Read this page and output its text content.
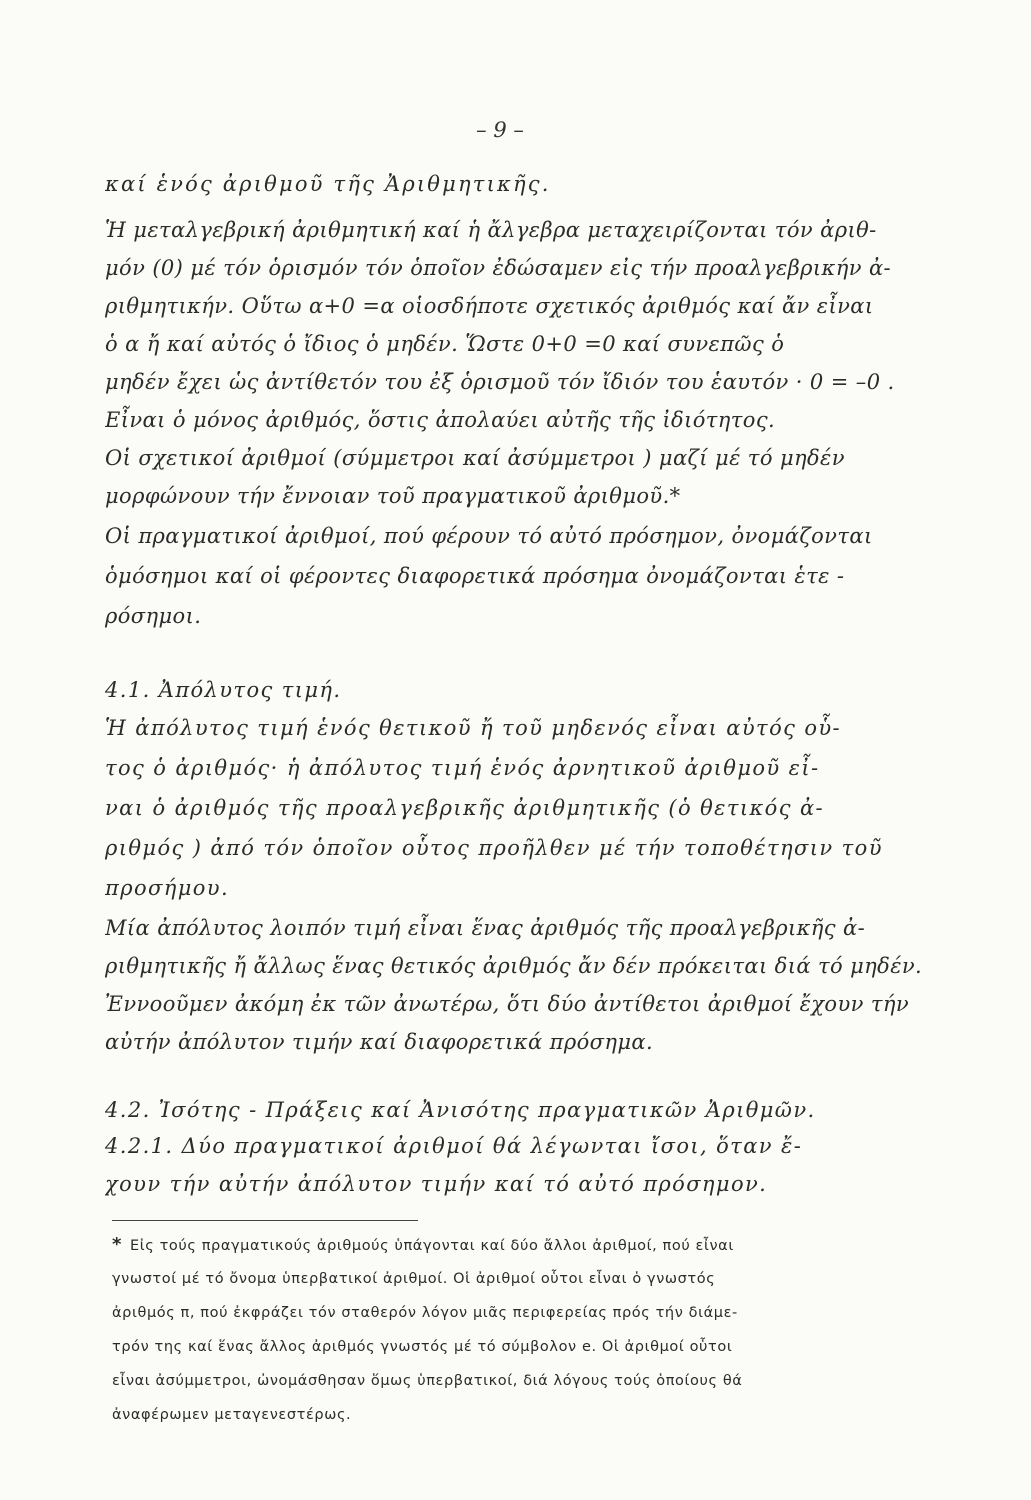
– 9 –
καί ἑνός ἀριθμοῦ τῆς Ἀριθμητικῆς.
Ἡ μεταλγεβρική ἀριθμητική καί ἡ ἄλγεβρα μεταχειρίζονται τόν ἀριθ-
μόν (0) μέ τόν ὁρισμόν τόν ὁποῖον ἐδώσαμεν εἰς τήν προαλγεβρικήν ἀ-
ριθμητικήν. Οὕτω α+0 =α οἱοσδήποτε σχετικός ἀριθμός καί ἄν εἶναι
ὁ α ἤ καί αὐτός ὁ ἴδιος ὁ μηδέν. Ὥστε 0+0 =0 καί συνεπῶς ὁ
μηδέν ἔχει ὡς ἀντίθετόν του ἐξ ὁρισμοῦ τόν ἴδιόν του ἑαυτόν · 0 = –0 .
Εἶναι ὁ μόνος ἀριθμός, ὅστις ἀπολαύει αὐτῆς τῆς ἰδιότητος.
Οἱ σχετικοί ἀριθμοί (σύμμετροι καί ἀσύμμετροι ) μαζί μέ τό μηδέν
μορφώνουν τήν ἔννοιαν τοῦ πραγματικοῦ ἀριθμοῦ.*
Οἱ πραγματικοί ἀριθμοί, πού φέρουν τό αὐτό πρόσημον, ὀνομάζονται
ὁμόσημοι καί οἱ φέροντες διαφορετικά πρόσημα ὀνομάζονται ἑτε -
ρόσημοι.
4.1. Ἀπόλυτος τιμή.
Ἡ ἀπόλυτος τιμή ἑνός θετικοῦ ἤ τοῦ μηδενός εἶναι αὐτός οὗ-
τος ὁ ἀριθμός· ἡ ἀπόλυτος τιμή ἑνός ἀρνητικοῦ ἀριθμοῦ εἶ-
ναι ὁ ἀριθμός τῆς προαλγεβρικῆς ἀριθμητικῆς (ὁ θετικός ἀ-
ριθμός ) ἀπό τόν ὁποῖον οὗτος προῆλθεν μέ τήν τοποθέτησιν τοῦ
προσήμου.
Μία ἀπόλυτος λοιπόν τιμή εἶναι ἕνας ἀριθμός τῆς προαλγεβρικῆς ἀ-
ριθμητικῆς ἤ ἄλλως ἕνας θετικός ἀριθμός ἄν δέν πρόκειται διά τό μηδέν.
Ἐννοοῦμεν ἀκόμη ἐκ τῶν ἀνωτέρω, ὅτι δύο ἀντίθετοι ἀριθμοί ἔχουν τήν
αὐτήν ἀπόλυτον τιμήν καί διαφορετικά πρόσημα.
4.2. Ἰσότης - Πράξεις καί Ἀνισότης πραγματικῶν Ἀριθμῶν.
4.2.1. Δύο πραγματικοί ἀριθμοί θά λέγωνται ἴσοι, ὅταν ἔ-
χουν τήν αὐτήν ἀπόλυτον τιμήν καί τό αὐτό πρόσημον.
* Εἰς τούς πραγματικούς ἀριθμούς ὑπάγονται καί δύο ἄλλοι ἀριθμοί, πού εἶναι
γνωστοί μέ τό ὄνομα ὑπερβατικοί ἀριθμοί. Οἱ ἀριθμοί οὗτοι εἶναι ὁ γνωστός
ἀριθμός π, πού ἐκφράζει τόν σταθερόν λόγον μιᾶς περιφερείας πρός τήν διάμε-
τρόν της καί ἕνας ἄλλος ἀριθμός γνωστός μέ τό σύμβολον e. Οἱ ἀριθμοί οὗτοι
εἶναι ἀσύμμετροι, ὠνομάσθησαν ὅμως ὑπερβατικοί, διά λόγους τούς ὁποίους θά
ἀναφέρωμεν μεταγενεστέρως.
